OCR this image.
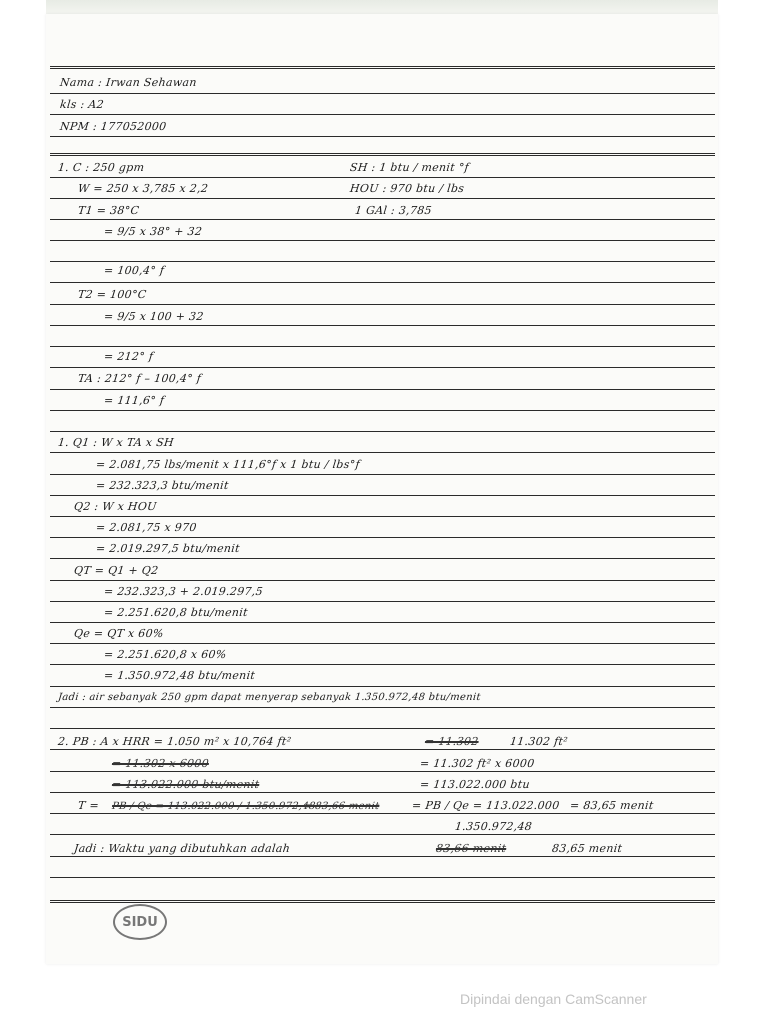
Nama : Irwan Sehawan
kls : A2
NPM : 177052000
1. C : 250 gpm	SH : 1 btu / menit °f
W = 250 x 3,785 x 2,2	HOU : 970 btu / lbs
T1 = 38°C	1 GAl : 3,785
= 9/5 x 38° + 32
= 100,4° f
T2 = 100°C
= 9/5 x 100 + 32
= 212° f
TA : 212° f – 100,4° f
= 111,6° f
1. Q1 : W x TA x SH
= 2.081,75 lbs/menit x 111,6°f x 1 btu / lbs°f
= 232.323,3 btu/menit
Q2 : W x HOU
= 2.081,75 x 970
= 2.019.297,5 btu/menit
QT = Q1 + Q2
= 232.323,3 + 2.019.297,5
= 2.251.620,8 btu/menit
Qe = QT x 60%
= 2.251.620,8 x 60%
= 1.350.972,48 btu/menit
Jadi : air sebanyak 250 gpm dapat menyerap sebanyak 1.350.972,48 btu/menit
2. PB : A x HRR = 1.050 m² x 10,764 ft²	= 11.302	11.302 ft²
= 11.302 x 6000	= 11.302 ft² x 6000
= 113.022.000 btu/menit	= 113.022.000 btu
T = PB / Qe = 113.022.000 / 1.350.972,48
= 83,66 menit	= PB / Qe = 113.022.000 = 83,65 menit
1.350.972,48
Jadi : Waktu yang dibutuhkan adalah	83,66 menit	83,65 menit
SIDU
Dipindai dengan CamScanner
